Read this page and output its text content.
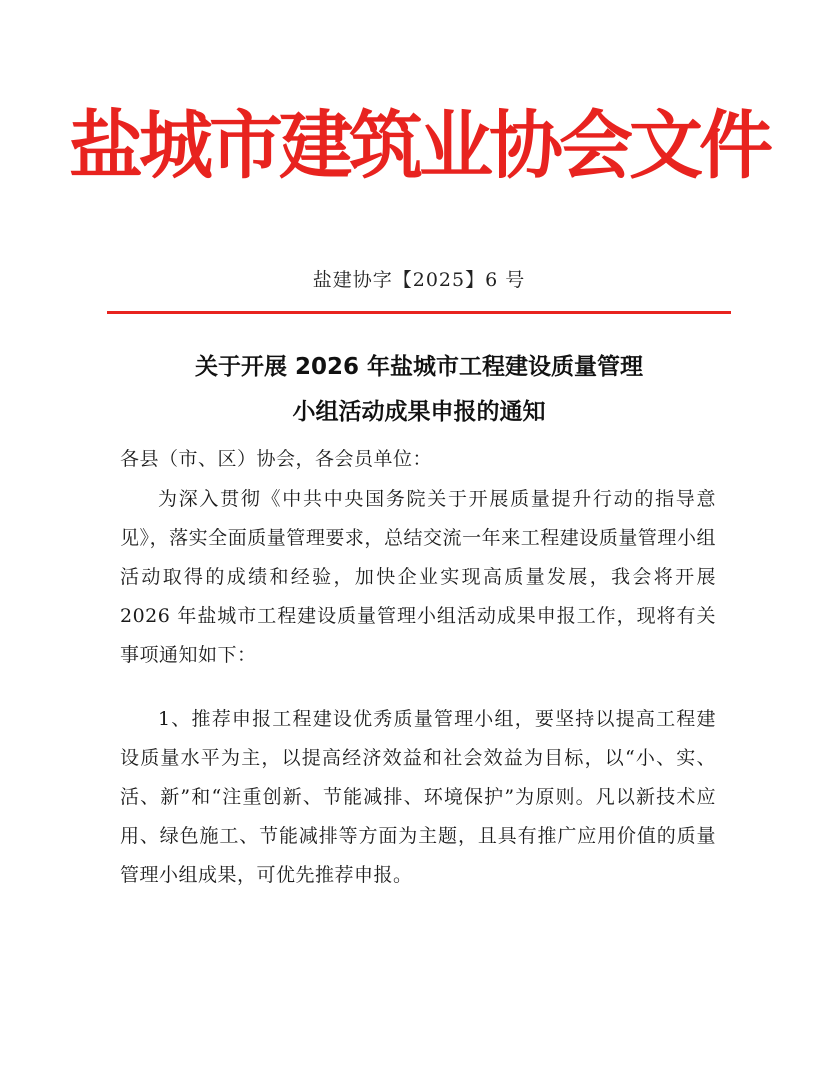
盐城市建筑业协会文件
盐建协字【2025】6 号
关于开展 2026 年盐城市工程建设质量管理
小组活动成果申报的通知

各县（市、区）协会，各会员单位：

为深入贯彻《中共中央国务院关于开展质量提升行动的指导意见》，落实全面质量管理要求，总结交流一年来工程建设质量管理小组活动取得的成绩和经验，加快企业实现高质量发展，我会将开展 2026 年盐城市工程建设质量管理小组活动成果申报工作，现将有关事项通知如下：

1、推荐申报工程建设优秀质量管理小组，要坚持以提高工程建设质量水平为主，以提高经济效益和社会效益为目标，以“小、实、活、新”和“注重创新、节能减排、环境保护”为原则。凡以新技术应用、绿色施工、节能减排等方面为主题，且具有推广应用价值的质量管理小组成果，可优先推荐申报。
